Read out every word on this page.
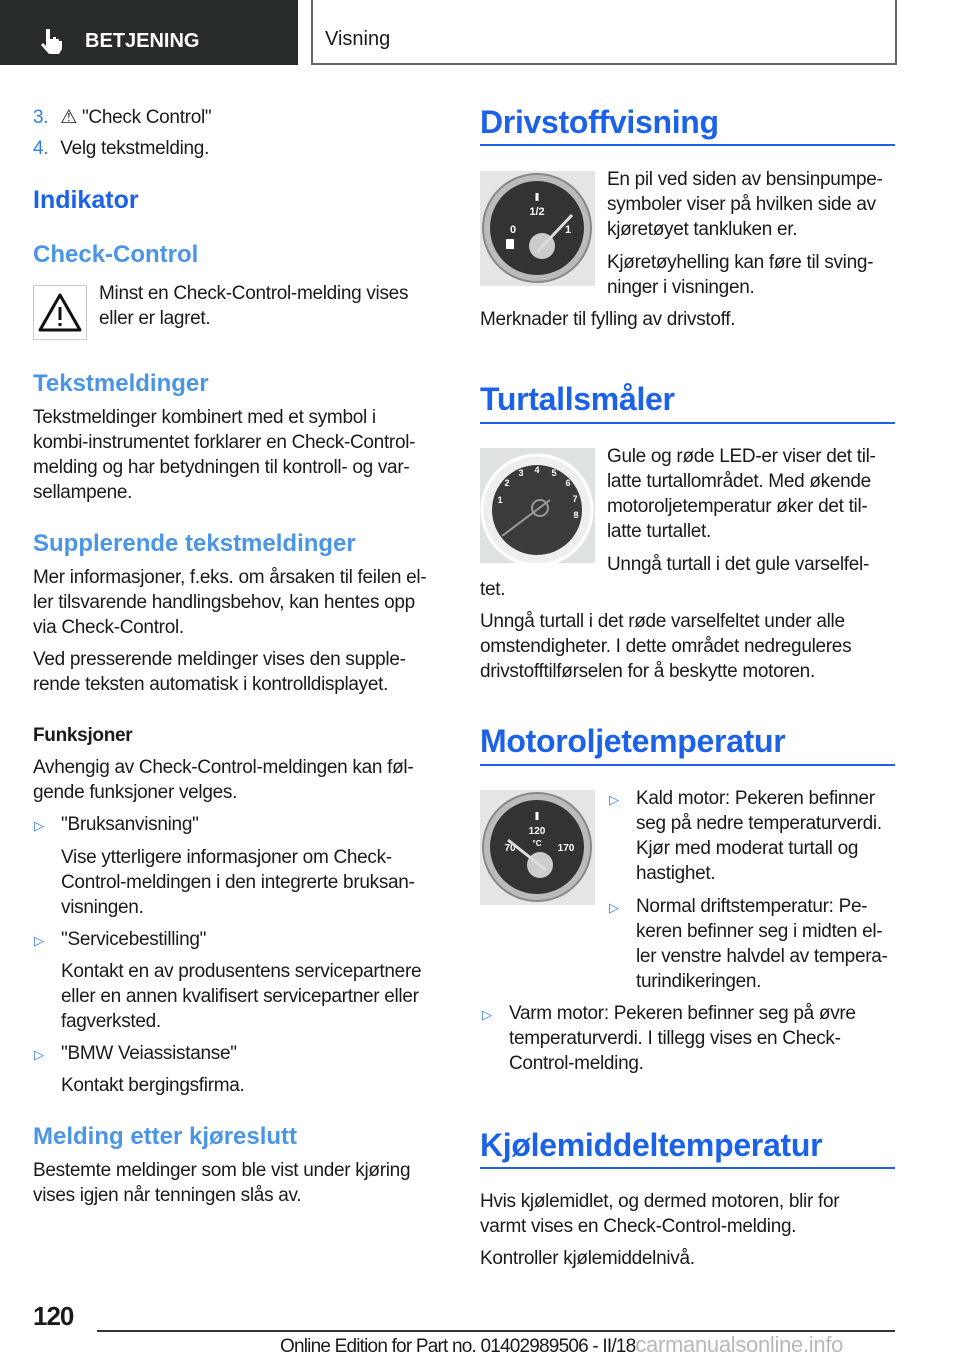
BETJENING	Visning
3. ⚠ "Check Control"
4. Velg tekstmelding.
Indikator
Check-Control
Minst en Check-Control-melding vises
eller er lagret.
Tekstmeldinger
Tekstmeldinger kombinert med et symbol i
kombi-instrumentet forklarer en Check-Control-
melding og har betydningen til kontroll- og var-
sellampene.
Supplerende tekstmeldinger
Mer informasjoner, f.eks. om årsaken til feilen el-
ler tilsvarende handlingsbehov, kan hentes opp
via Check-Control.
Ved presserende meldinger vises den supple-
rende teksten automatisk i kontrolldisplayet.
Funksjoner
Avhengig av Check-Control-meldingen kan føl-
gende funksjoner velges.
▷ "Bruksanvisning"
Vise ytterligere informasjoner om Check-
Control-meldingen i den integrerte bruksan-
visningen.
▷ "Servicebestilling"
Kontakt en av produsentens servicepartnere
eller en annen kvalifisert servicepartner eller
fagverksted.
▷ "BMW Veiassistanse"
Kontakt bergingsfirma.
Melding etter kjøreslutt
Bestemte meldinger som ble vist under kjøring
vises igjen når tenningen slås av.
Drivstoffvisning
1/2
0	1
En pil ved siden av bensinpumpe-
symboler viser på hvilken side av
kjøretøyet tankluken er.
Kjøretøyhelling kan føre til sving-
ninger i visningen.
Merknader til fylling av drivstoff.
Turtallsmåler
1
2
3 4 5
6
7
8
Gule og røde LED-er viser det til-
latte turtallområdet. Med økende
motoroljetemperatur øker det til-
latte turtallet.
Unngå turtall i det gule varselfel-
tet.
Unngå turtall i det røde varselfeltet under alle
omstendigheter. I dette området nedreguleres
drivstofftilførselen for å beskytte motoren.
Motoroljetemperatur
120
°C
70	170
▷ Kald motor: Pekeren befinner
seg på nedre temperaturverdi.
Kjør med moderat turtall og
hastighet.
▷ Normal driftstemperatur: Pe-
keren befinner seg i midten el-
ler venstre halvdel av tempera-
turindikeringen.
▷ Varm motor: Pekeren befinner seg på øvre
temperaturverdi. I tillegg vises en Check-
Control-melding.
Kjølemiddeltemperatur
Hvis kjølemidlet, og dermed motoren, blir for
varmt vises en Check-Control-melding.
Kontroller kjølemiddelnivå.
120
Online Edition for Part no. 01402989506 - II/18carmanualsonline.info
